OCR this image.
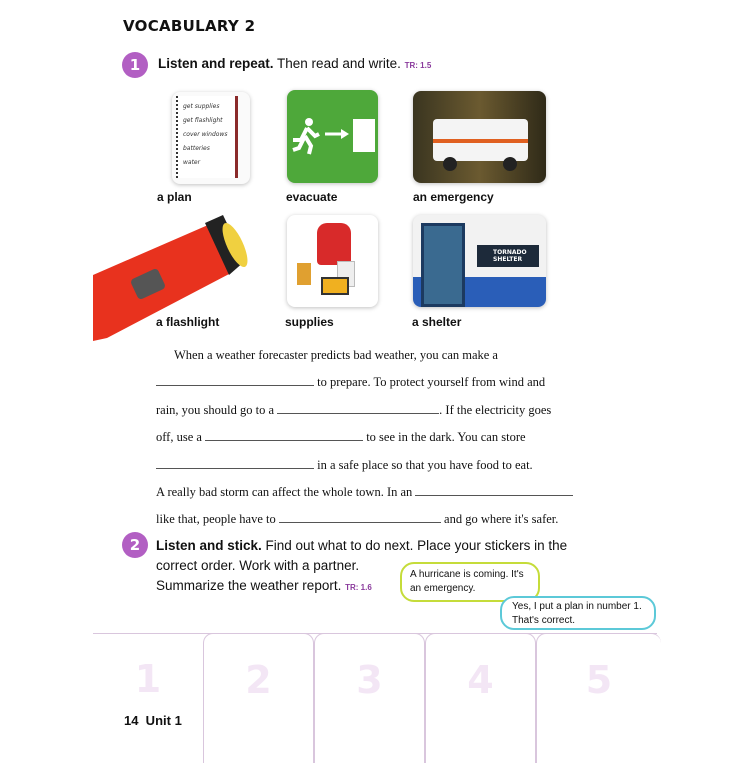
VOCABULARY 2
1	Listen and repeat. Then read and write. TR: 1.5
get supplies
get flashlight
cover windows
batteries
water
a plan	evacuate	an emergency
a flashlight	supplies
TORNADO SHELTER
a shelter
When a weather forecaster predicts bad weather, you can make a
to prepare. To protect yourself from wind and
rain, you should go to a	. If the electricity goes
off, use a	to see in the dark. You can store
in a safe place so that you have food to eat.
A really bad storm can affect the whole town. In an
like that, people have to	and go where it's safer.
2	Listen and stick. Find out what to do next. Place your stickers in the
correct order. Work with a partner.
Summarize the weather report. TR: 1.6
A hurricane is coming. It's an emergency.
Yes, I put a plan in number 1. That's correct.
1	2	3	4	5
14  Unit 1
